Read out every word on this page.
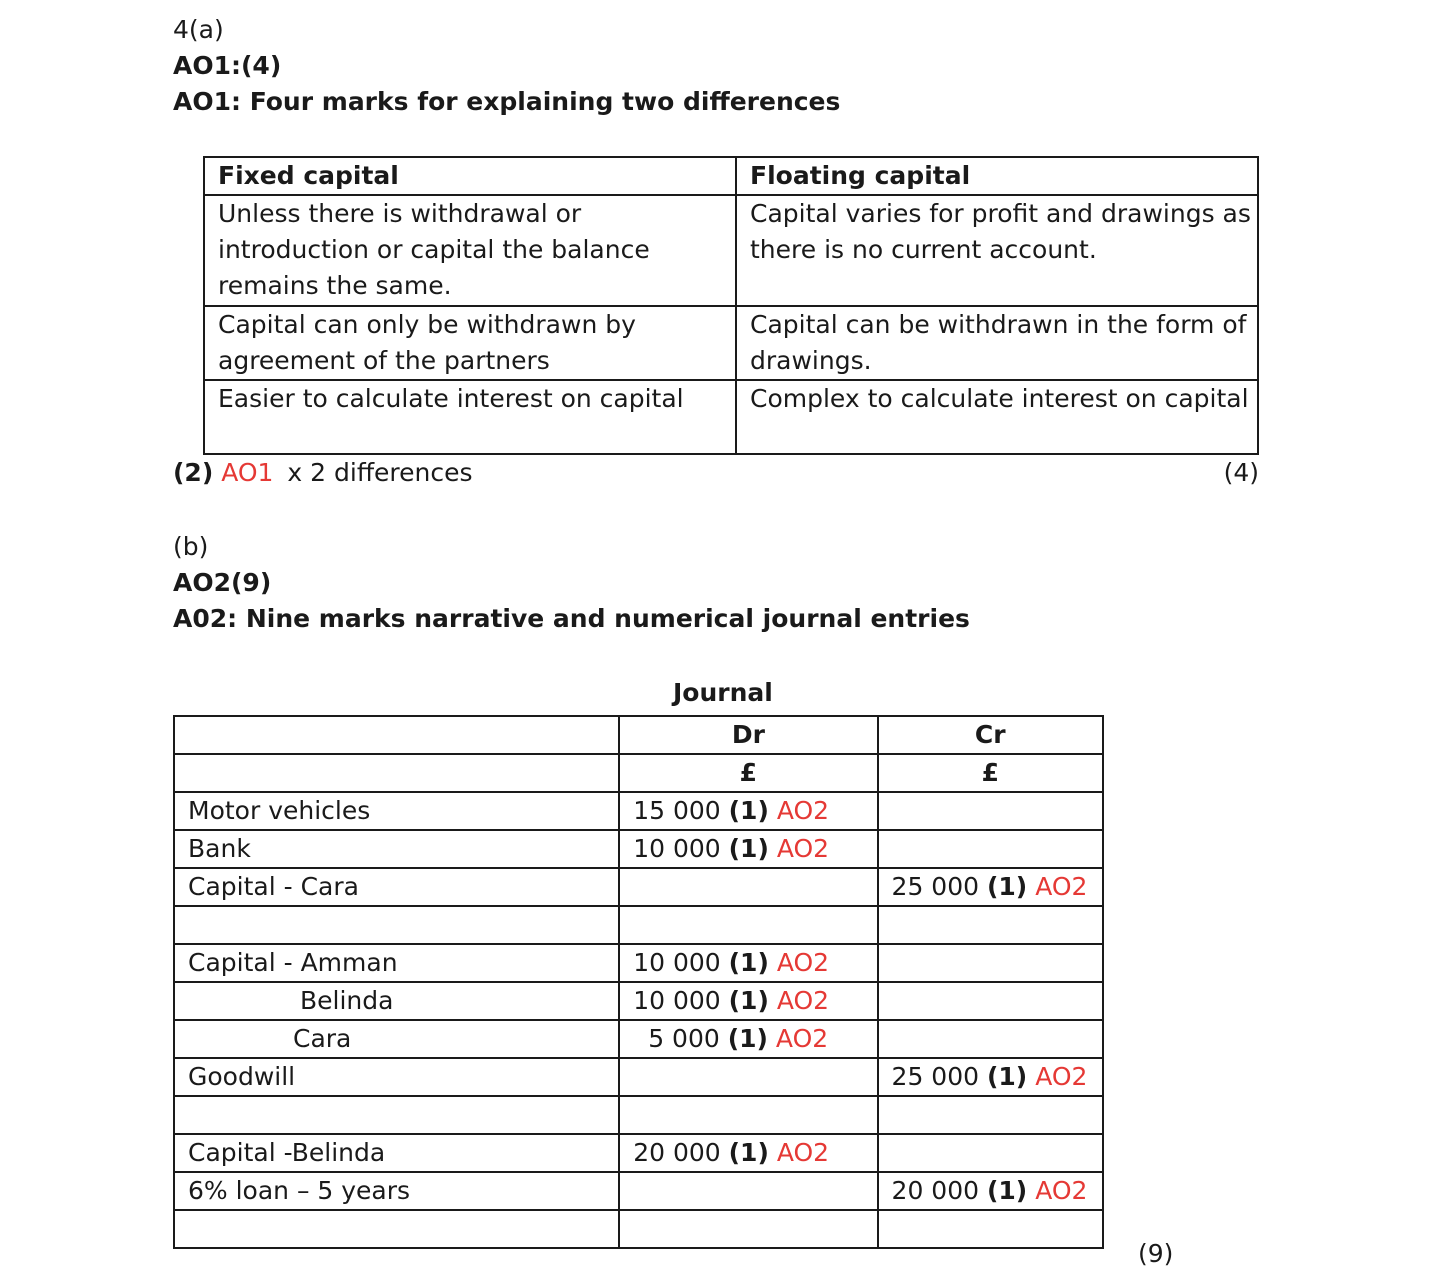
4(a)
AO1:(4)
AO1: Four marks for explaining two differences
Fixed capital	Floating capital
Unless there is withdrawal or introduction or capital the balance remains the same.	Capital varies for profit and drawings as there is no current account.
Capital can only be withdrawn by agreement of the partners	Capital can be withdrawn in the form of drawings.
Easier to calculate interest on capital	Complex to calculate interest on capital
(2) AO1 x 2 differences	(4)
(b)
AO2(9)
A02: Nine marks narrative and numerical journal entries
Journal
	Dr	Cr
	£	£
Motor vehicles	15 000 (1) AO2	
Bank	10 000 (1) AO2	
Capital - Cara		25 000 (1) AO2

Capital - Amman	10 000 (1) AO2	
Belinda	10 000 (1) AO2	
Cara	5 000 (1) AO2	
Goodwill		25 000 (1) AO2

Capital -Belinda	20 000 (1) AO2	
6% loan – 5 years		20 000 (1) AO2

(9)
